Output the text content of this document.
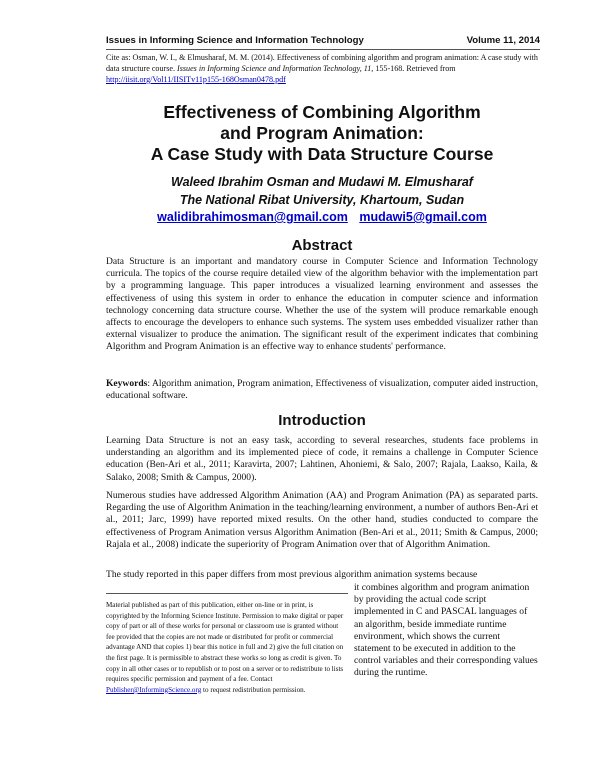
Issues in Informing Science and Information Technology	Volume 11, 2014
Cite as: Osman, W. I., & Elmusharaf, M. M. (2014). Effectiveness of combining algorithm and program animation: A case study with data structure course. Issues in Informing Science and Information Technology, 11, 155-168. Retrieved from http://iisit.org/Vol11/IISITv11p155-168Osman0478.pdf
Effectiveness of Combining Algorithm
and Program Animation:
A Case Study with Data Structure Course
Waleed Ibrahim Osman and Mudawi M. Elmusharaf
The National Ribat University, Khartoum, Sudan
walidibrahimosman@gmail.com mudawi5@gmail.com
Abstract

Data Structure is an important and mandatory course in Computer Science and Information Technology curricula. The topics of the course require detailed view of the algorithm behavior with the implementation part by a programming language. This paper introduces a visualized learning environment and assesses the effectiveness of using this system in order to enhance the education in computer science and information technology concerning data structure course. Whether the use of the system will produce remarkable enough affects to encourage the developers to enhance such systems. The system uses embedded visualizer rather than external visualizer to produce the animation. The significant result of the experiment indicates that combining Algorithm and Program Animation is an effective way to enhance students' performance.

Keywords: Algorithm animation, Program animation, Effectiveness of visualization, computer aided instruction, educational software.

Introduction

Learning Data Structure is not an easy task, according to several researches, students face problems in understanding an algorithm and its implemented piece of code, it remains a challenge in Computer Science education (Ben-Ari et al., 2011; Karavirta, 2007; Lahtinen, Ahoniemi, & Salo, 2007; Rajala, Laakso, Kaila, & Salako, 2008; Smith & Campus, 2000).

Numerous studies have addressed Algorithm Animation (AA) and Program Animation (PA) as separated parts. Regarding the use of Algorithm Animation in the teaching/learning environment, a number of authors Ben-Ari et al., 2011; Jarc, 1999) have reported mixed results. On the other hand, studies conducted to compare the effectiveness of Program Animation versus Algorithm Animation (Ben-Ari et al., 2011; Smith & Campus, 2000; Rajala et al., 2008) indicate the superiority of Program Animation over that of Algorithm Animation.

The study reported in this paper differs from most previous algorithm animation systems because

it combines algorithm and program animation by providing the actual code script implemented in C and PASCAL languages of an algorithm, beside immediate runtime environment, which shows the current statement to be executed in addition to the control variables and their corresponding values during the runtime.

Material published as part of this publication, either on-line or in print, is copyrighted by the Informing Science Institute. Permission to make digital or paper copy of part or all of these works for personal or classroom use is granted without fee provided that the copies are not made or distributed for profit or commercial advantage AND that copies 1) bear this notice in full and 2) give the full citation on the first page. It is permissible to abstract these works so long as credit is given. To copy in all other cases or to republish or to post on a server or to redistribute to lists requires specific permission and payment of a fee. Contact Publisher@InformingScience.org to request redistribution permission.
